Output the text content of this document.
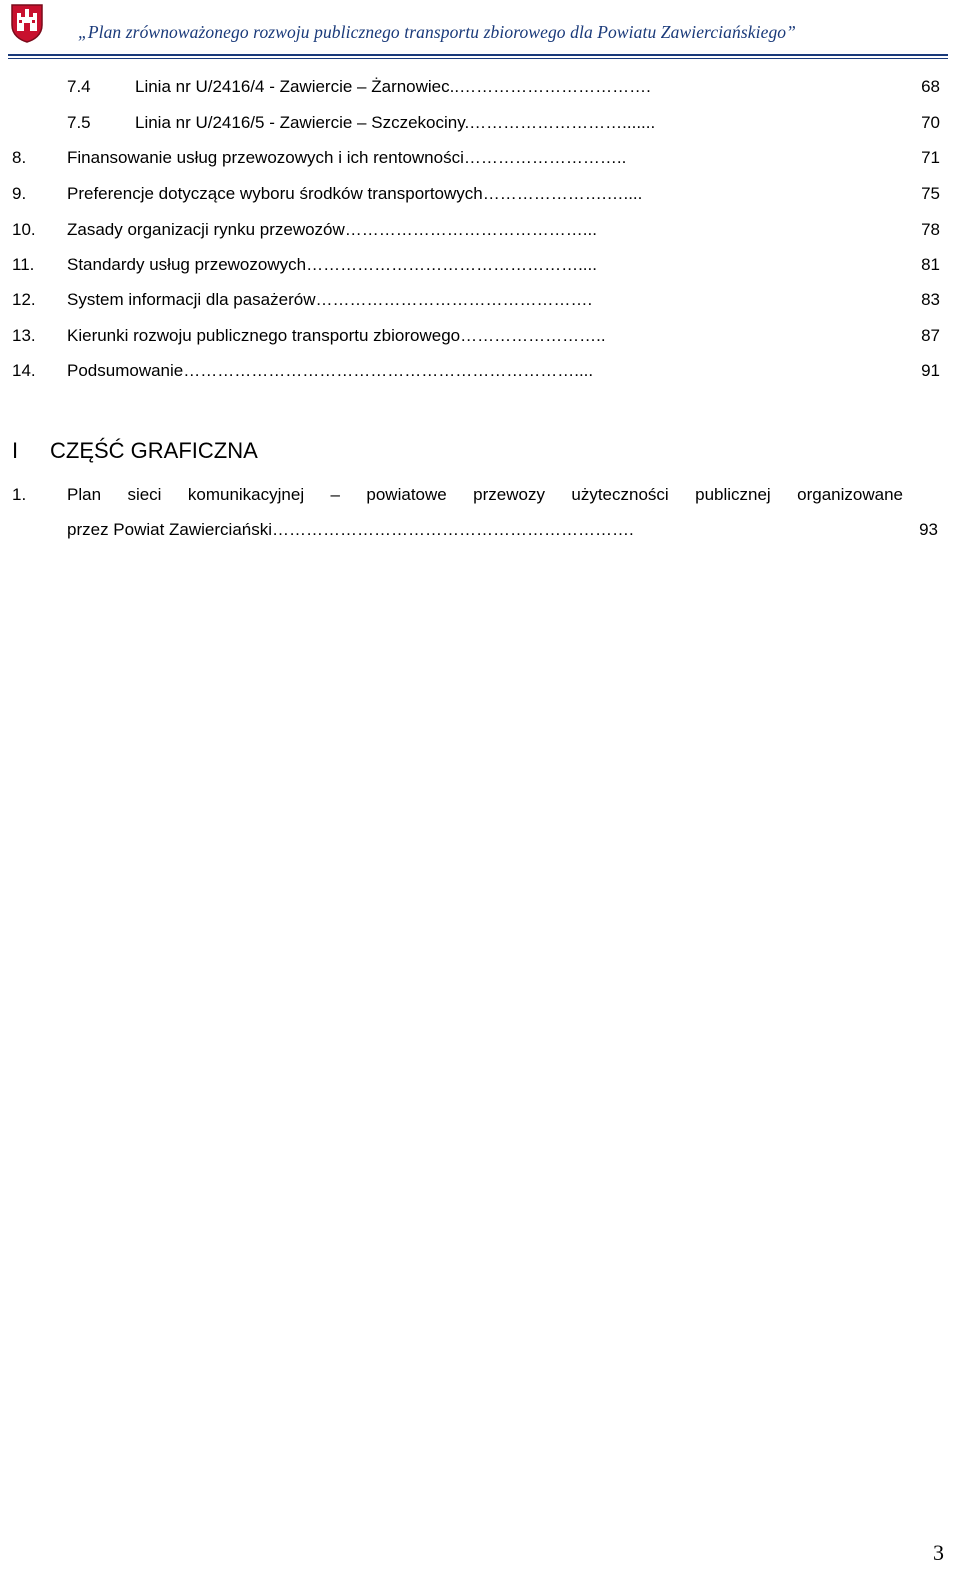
„Plan zrównoważonego rozwoju publicznego transportu zbiorowego dla Powiatu Zawierciańskiego”
7.4	Linia nr U/2416/4 - Zawiercie – Żarnowiec..…………………………….	68
7.5	Linia nr U/2416/5 - Zawiercie – Szczekociny.……………………….......	70
8. Finansowanie usług przewozowych i ich rentowności………………………..	71
9. Preferencje dotyczące wyboru środków transportowych………………….…....	75
10. Zasady organizacji rynku przewozów……………………………………...	78
11. Standardy usług przewozowych…………………………………………....	81
12. System informacji dla pasażerów………………………………………….	83
13. Kierunki rozwoju publicznego transportu zbiorowego……………………..	87
14. Podsumowanie……………………………………………………………....	91
I CZĘŚĆ GRAFICZNA
1. Plan sieci komunikacyjnej – powiatowe przewozy użyteczności publicznej organizowane
przez Powiat Zawierciański……………………………………………………….	93
3
